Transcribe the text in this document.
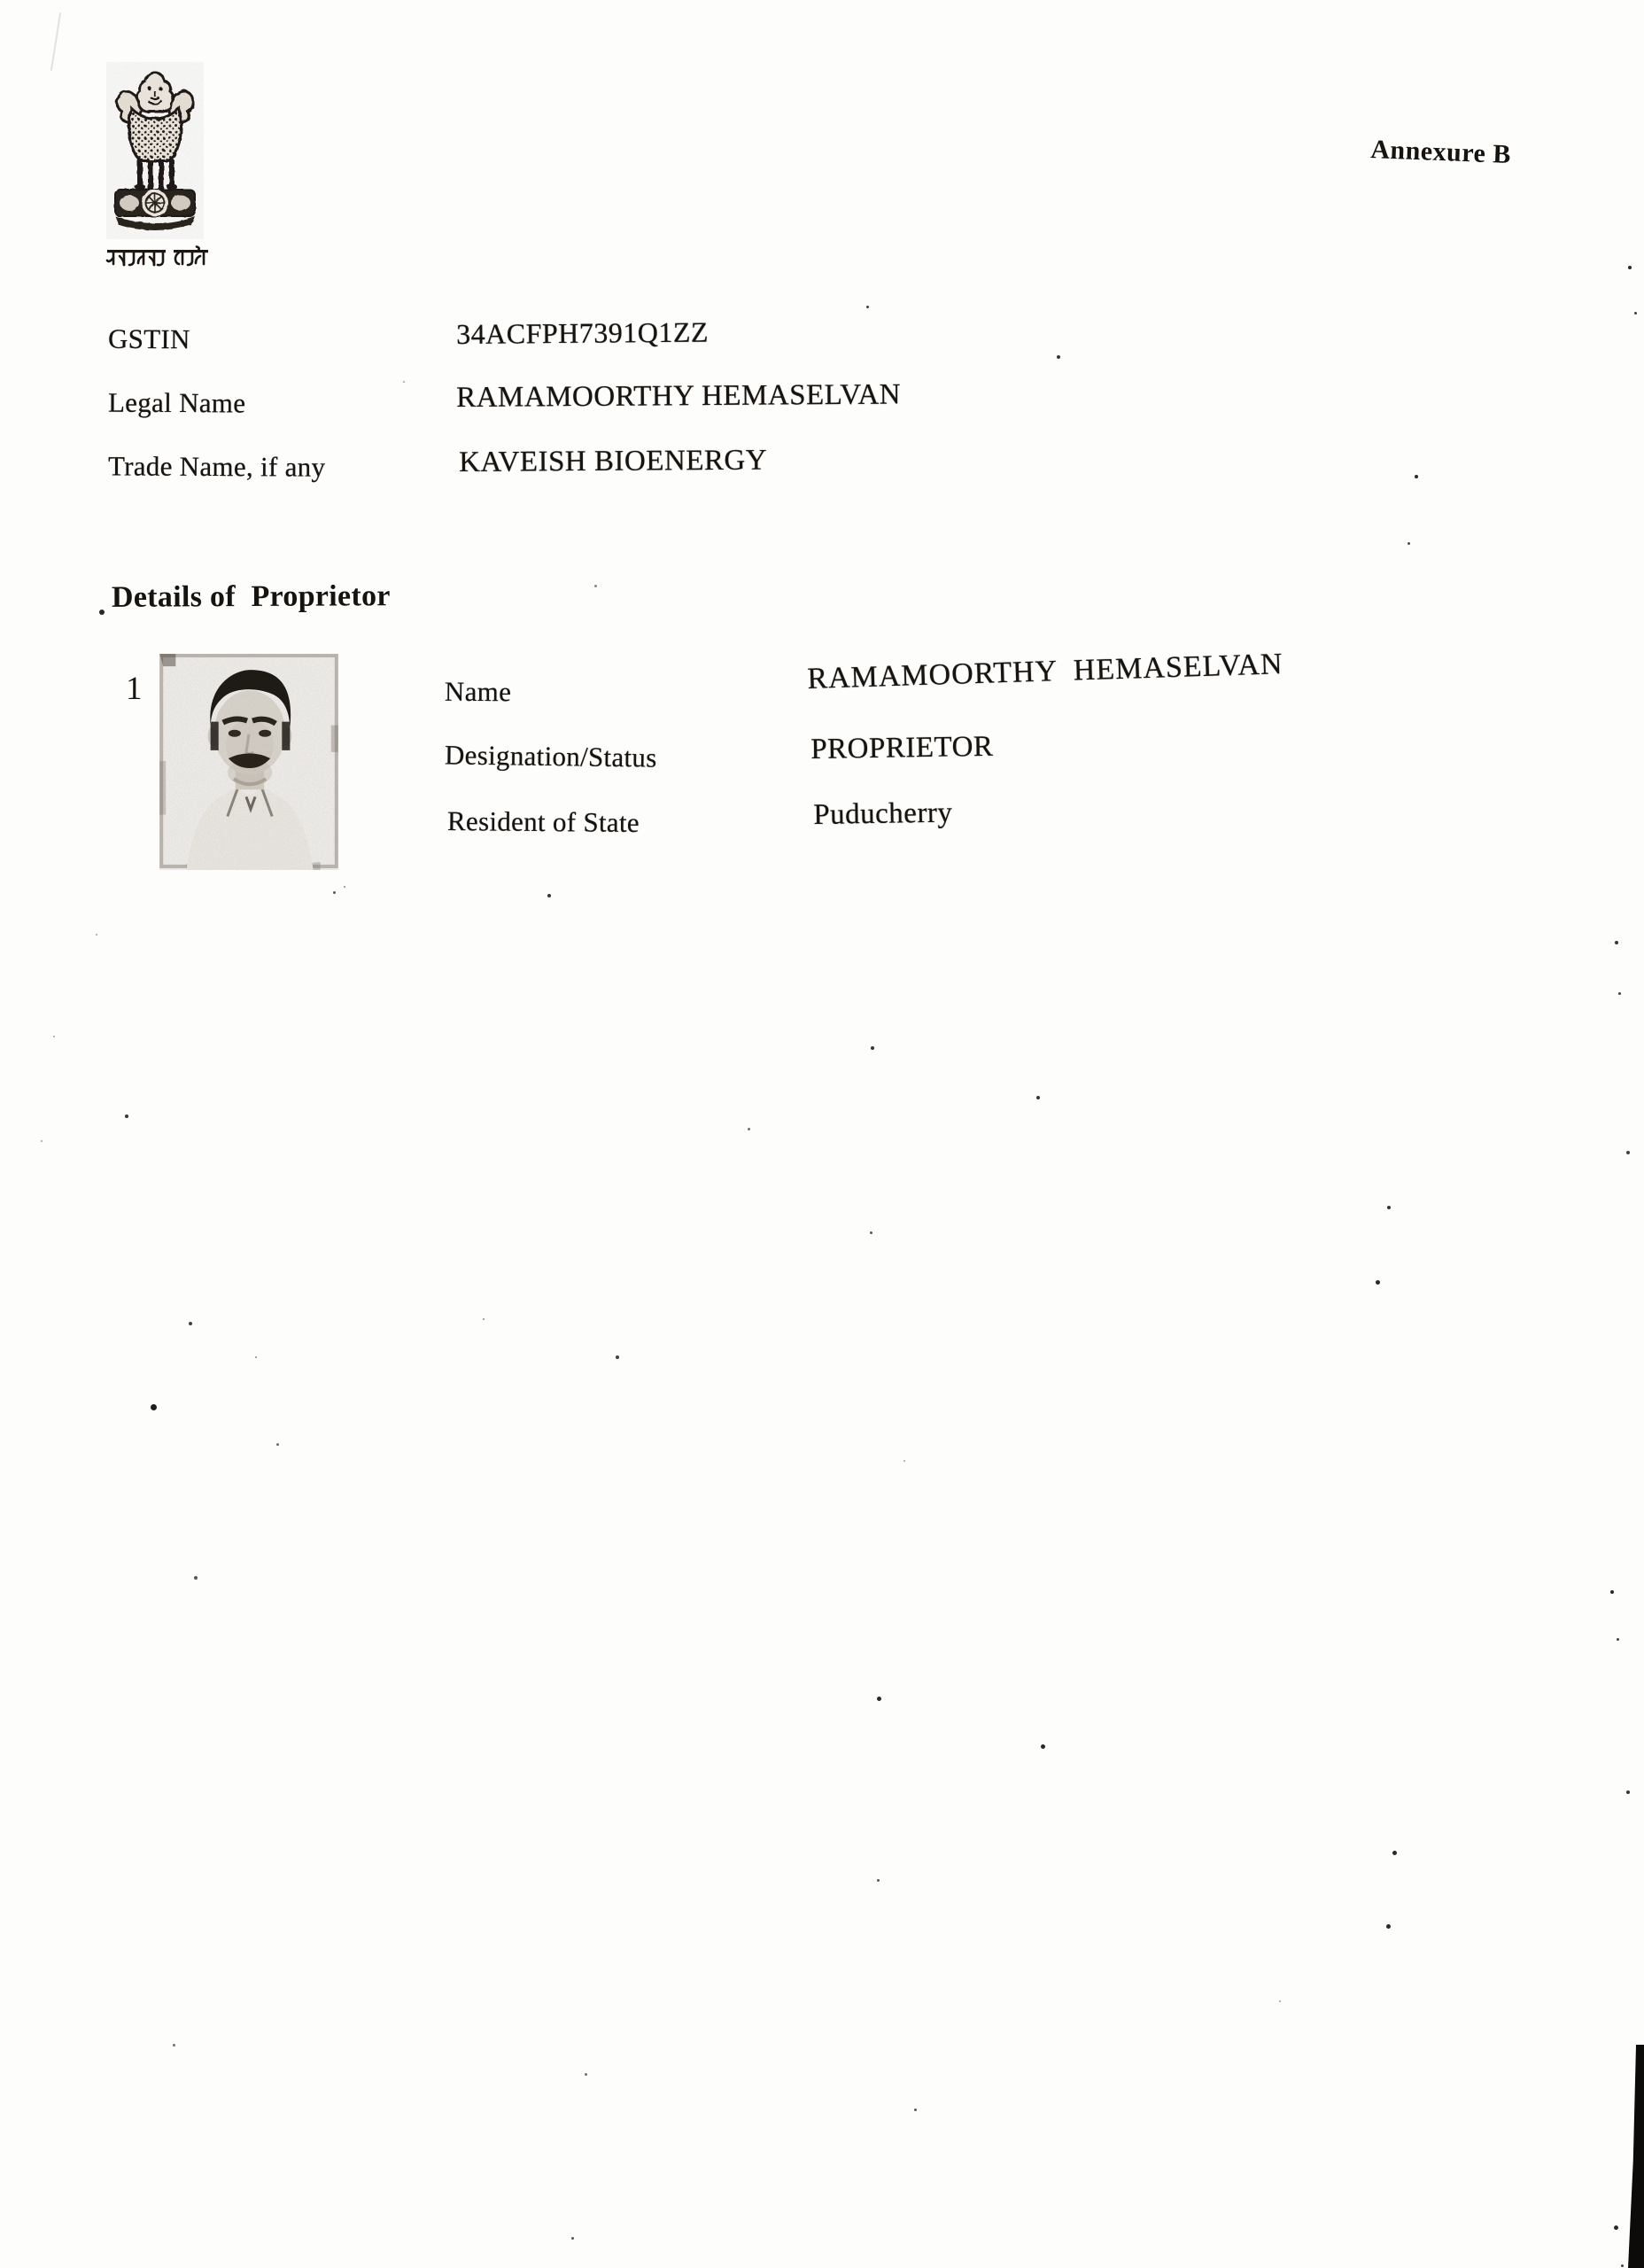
Annexure B
GSTIN	34ACFPH7391Q1ZZ
Legal Name	RAMAMOORTHY HEMASELVAN
Trade Name, if any	KAVEISH BIOENERGY
Details of  Proprietor
1	Name	RAMAMOORTHY  HEMASELVAN
Designation/Status	PROPRIETOR
Resident of State	Puducherry
